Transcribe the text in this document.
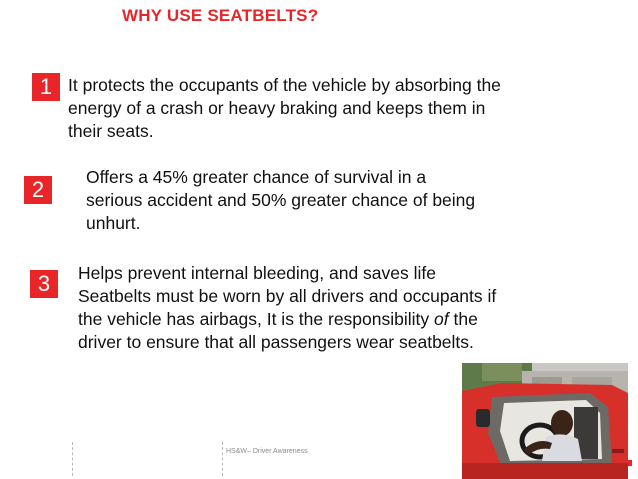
WHY USE SEATBELTS?
1 It protects the occupants of the vehicle by absorbing the
energy of a crash or heavy braking and keeps them in
their seats.

2	Offers a 45% greater chance of survival in a
serious accident and 50% greater chance of being
unhurt.

3	Helps prevent internal bleeding, and saves life
Seatbelts must be worn by all drivers and occupants if
the vehicle has airbags, It is the responsibility of the
driver to ensure that all passengers wear seatbelts.

HS&W– Driver Awareness
